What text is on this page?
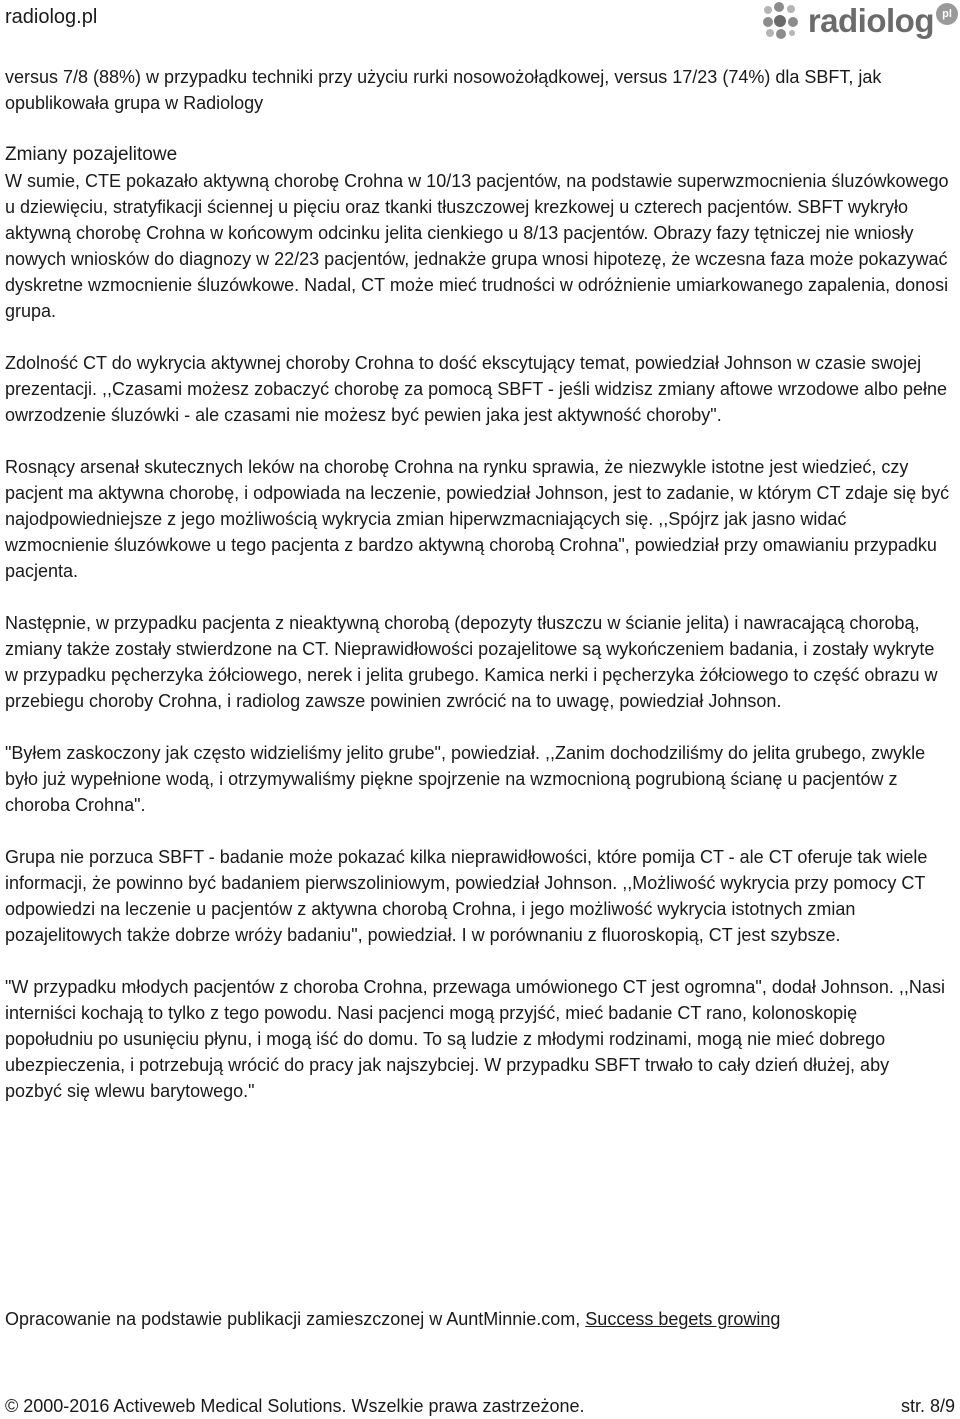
radiolog.pl	radiolog pl

versus 7/8 (88%) w przypadku techniki przy użyciu rurki nosowożołądkowej, versus 17/23 (74%) dla SBFT, jak opublikowała grupa w Radiology

Zmiany pozajelitowe

W sumie, CTE pokazało aktywną chorobę Crohna w 10/13 pacjentów, na podstawie superwzmocnienia śluzówkowego u dziewięciu, stratyfikacji ściennej u pięciu oraz tkanki tłuszczowej krezkowej u czterech pacjentów. SBFT wykryło aktywną chorobę Crohna w końcowym odcinku jelita cienkiego u 8/13 pacjentów. Obrazy fazy tętniczej nie wniosły nowych wniosków do diagnozy w 22/23 pacjentów, jednakże grupa wnosi hipotezę, że wczesna faza może pokazywać dyskretne wzmocnienie śluzówkowe. Nadal, CT może mieć trudności w odróżnienie umiarkowanego zapalenia, donosi grupa.

Zdolność CT do wykrycia aktywnej choroby Crohna to dość ekscytujący temat, powiedział Johnson w czasie swojej prezentacji. ,,Czasami możesz zobaczyć chorobę za pomocą SBFT - jeśli widzisz zmiany aftowe wrzodowe albo pełne owrzodzenie śluzówki - ale czasami nie możesz być pewien jaka jest aktywność choroby".

Rosnący arsenał skutecznych leków na chorobę Crohna na rynku sprawia, że niezwykle istotne jest wiedzieć, czy pacjent ma aktywna chorobę, i odpowiada na leczenie, powiedział Johnson, jest to zadanie, w którym CT zdaje się być najodpowiedniejsze z jego możliwością wykrycia zmian hiperwzmacniających się. ,,Spójrz jak jasno widać wzmocnienie śluzówkowe u tego pacjenta z bardzo aktywną chorobą Crohna", powiedział przy omawianiu przypadku pacjenta.

Następnie, w przypadku pacjenta z nieaktywną chorobą (depozyty tłuszczu w ścianie jelita) i nawracającą chorobą, zmiany także zostały stwierdzone na CT. Nieprawidłowości pozajelitowe są wykończeniem badania, i zostały wykryte w przypadku pęcherzyka żółciowego, nerek i jelita grubego. Kamica nerki i pęcherzyka żółciowego to część obrazu w przebiegu choroby Crohna, i radiolog zawsze powinien zwrócić na to uwagę, powiedział Johnson.

"Byłem zaskoczony jak często widzieliśmy jelito grube", powiedział. ,,Zanim dochodziliśmy do jelita grubego, zwykle było już wypełnione wodą, i otrzymywaliśmy piękne spojrzenie na wzmocnioną pogrubioną ścianę u pacjentów z choroba Crohna".

Grupa nie porzuca SBFT - badanie może pokazać kilka nieprawidłowości, które pomija CT - ale CT oferuje tak wiele informacji, że powinno być badaniem pierwszoliniowym, powiedział Johnson. ,,Możliwość wykrycia przy pomocy CT odpowiedzi na leczenie u pacjentów z aktywna chorobą Crohna, i jego możliwość wykrycia istotnych zmian pozajelitowych także dobrze wróży badaniu", powiedział. I w porównaniu z fluoroskopią, CT jest szybsze.

"W przypadku młodych pacjentów z choroba Crohna, przewaga umówionego CT jest ogromna", dodał Johnson. ,,Nasi interniści kochają to tylko z tego powodu. Nasi pacjenci mogą przyjść, mieć badanie CT rano, kolonoskopię popołudniu po usunięciu płynu, i mogą iść do domu. To są ludzie z młodymi rodzinami, mogą nie mieć dobrego ubezpieczenia, i potrzebują wrócić do pracy jak najszybciej. W przypadku SBFT trwało to cały dzień dłużej, aby pozbyć się wlewu barytowego."

Opracowanie na podstawie publikacji zamieszczonej w AuntMinnie.com, Success begets growing
© 2000-2016 Activeweb Medical Solutions. Wszelkie prawa zastrzeżone.	str. 8/9
